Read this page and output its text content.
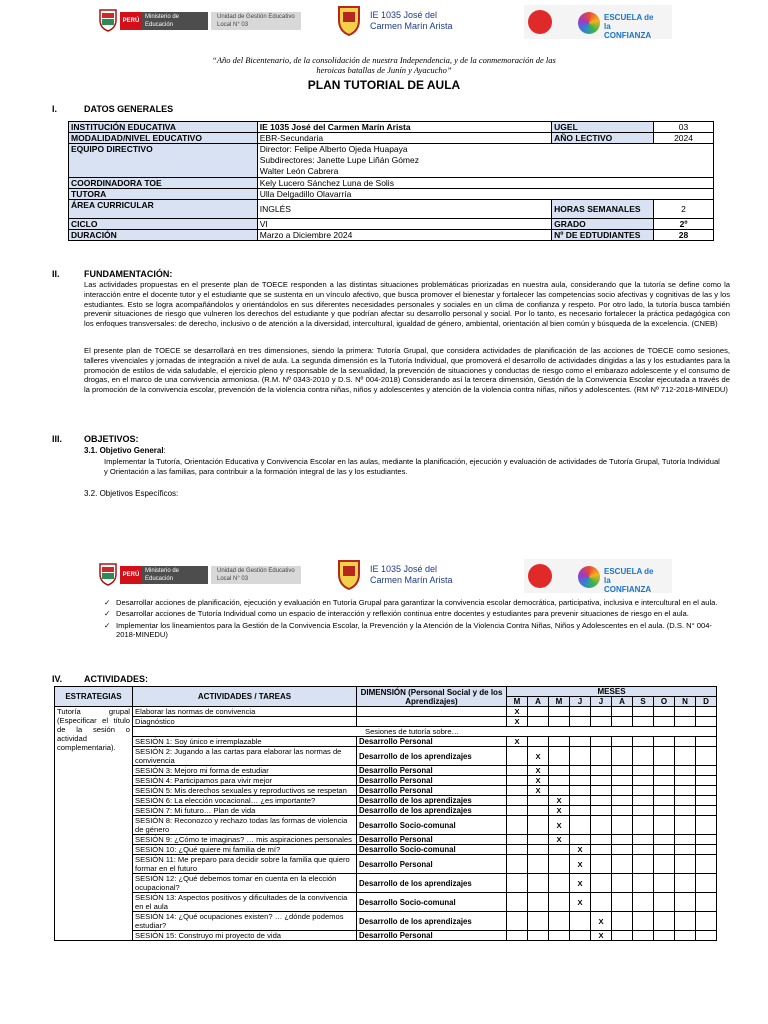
PERÚ
Ministerio de Educación
Unidad de Gestión Educativo Local N° 03
IE 1035 José del
Carmen Marín Arista
ESCUELA de la CONFIANZA
“Año del Bicentenario, de la consolidación de nuestra Independencia, y de la conmemoración de las heroicas batallas de Junín y Ayacucho”
PLAN TUTORIAL DE AULA
I.	DATOS GENERALES
INSTITUCIÓN EDUCATIVA	IE 1035 José del Carmen Marín Arista	UGEL	03
MODALIDAD/NIVEL EDUCATIVO	EBR-Secundaria	AÑO LECTIVO	2024
EQUIPO DIRECTIVO	Director: Felipe Alberto Ojeda Huapaya
Subdirectores: Janette Lupe Liñán Gómez
Walter León Cabrera		

COORDINADORA TOE	Kely Lucero Sánchez Luna de Solis		
TUTORA	Ulla Delgadillo Olavarría		
ÁREA CURRICULAR	INGLÉS	HORAS SEMANALES	2
CICLO	VI	GRADO	2º
DURACIÓN	Marzo a Diciembre 2024	Nº DE EDTUDIANTES	28
II.	FUNDAMENTACIÓN:

Las actividades propuestas en el presente plan de TOECE responden a las distintas situaciones problemáticas priorizadas en nuestra aula, considerando que la tutoría se define como la interacción entre el docente tutor y el estudiante que se sustenta en un vínculo afectivo, que busca promover el bienestar y fortalecer las competencias socio afectivas y cognitivas de las y los estudiantes. Esto se logra acompañándolos y orientándolos en sus diferentes necesidades personales y sociales en un clima de confianza y respeto. Por otro lado, la tutoría busca también prevenir situaciones de riesgo que vulneren los derechos del estudiante y que podrían afectar su desarrollo personal y social. Por lo tanto, es necesario fortalecer la práctica pedagógica con los enfoques transversales: de derecho, inclusivo o de atención a la diversidad, intercultural, igualdad de género, ambiental, orientación al bien común y búsqueda de la excelencia. (CNEB)

El presente plan de TOECE se desarrollará en tres dimensiones, siendo la primera: Tutoría Grupal, que considera actividades de planificación de las acciones de TOECE como sesiones, talleres vivenciales y jornadas de integración a nivel de aula. La segunda dimensión es la Tutoría Individual, que promoverá el desarrollo de actividades dirigidas a las y los estudiantes para la promoción de estilos de vida saludable, el ejercicio pleno y responsable de la sexualidad, la prevención de situaciones y conductas de riesgo como el embarazo adolescente y el consumo de drogas, en el marco de una convivencia armoniosa. (R.M. Nº 0343-2010 y D.S. Nº 004-2018) Considerando así la tercera dimensión, Gestión de la Convivencia Escolar ejecutada a través de la promoción de la convivencia escolar, prevención de la violencia contra niñas, niños y adolescentes y atención de la violencia contra niñas, niños y adolescentes. (RM Nº 712-2018-MINEDU)

III. OBJETIVOS:
3.1. Objetivo General:

Implementar la Tutoría, Orientación Educativa y Convivencia Escolar en las aulas, mediante la planificación, ejecución y evaluación de actividades de Tutoría Grupal, Tutoría Individual y Orientación a las familias, para contribuir a la formación integral de las y los estudiantes.

3.2. Objetivos Específicos:
PERÚ
Ministerio de Educación
Unidad de Gestión Educativo Local N° 03
IE 1035 José del
Carmen Marín Arista
ESCUELA de la CONFIANZA
✓ Desarrollar acciones de planificación, ejecución y evaluación en Tutoría Grupal para garantizar la convivencia escolar democrática, participativa, inclusiva e intercultural en el aula.
✓ Desarrollar acciones de Tutoría Individual como un espacio de interacción y reflexión continua entre docentes y estudiantes para prevenir situaciones de riesgo en el aula.
✓ Implementar los lineamientos para la Gestión de la Convivencia Escolar, la Prevención y la Atención de la Violencia Contra Niñas, Niños y Adolescentes en el aula. (D.S. N° 004- 2018-MINEDU)
IV. ACTIVIDADES:
ESTRATEGIAS	ACTIVIDADES / TAREAS	DIMENSIÓN (Personal Social y de los Aprendizajes)	MESES									
			M	A	M	J	J	A	S	O	N	D
Tutoría grupal (Especificar el título de la sesión o actividad complementaria).	Elaborar las normas de convivencia		X									
	Diagnóstico		X									
	Sesiones de tutoría sobre…											
	SESIÓN 1: Soy único e irremplazable	Desarrollo Personal	X									
	SESIÓN 2: Jugando a las cartas para elaborar las normas de convivencia	Desarrollo de los aprendizajes		X								
	SESIÓN 3: Mejoro mi forma de estudiar	Desarrollo Personal		X								
	SESIÓN 4: Participamos para vivir mejor	Desarrollo Personal		X								
	SESIÓN 5: Mis derechos sexuales y reproductivos se respetan	Desarrollo Personal		X								
	SESIÓN 6: La elección vocacional… ¿es importante?	Desarrollo de los aprendizajes			X							
	SESIÓN 7: Mi futuro… Plan de vida	Desarrollo de los aprendizajes			X							
	SESIÓN 8: Reconozco y rechazo todas las formas de violencia de género	Desarrollo Socio-comunal			X							
	SESIÓN 9: ¿Cómo te imaginas? … mis aspiraciones personales	Desarrollo Personal			X							
	SESIÓN 10: ¿Qué quiere mi familia de mí?	Desarrollo Socio-comunal				X						
	SESIÓN 11: Me preparo para decidir sobre la familia que quiero formar en el futuro	Desarrollo Personal				X						
	SESIÓN 12: ¿Qué debemos tomar en cuenta en la elección ocupacional?	Desarrollo de los aprendizajes				X						
	SESIÓN 13: Aspectos positivos y dificultades de la convivencia en el aula	Desarrollo Socio-comunal				X						
	SESIÓN 14: ¿Qué ocupaciones existen? … ¿dónde podemos estudiar?	Desarrollo de los aprendizajes					X					
	SESIÓN 15: Construyo mi proyecto de vida	Desarrollo Personal					X					
